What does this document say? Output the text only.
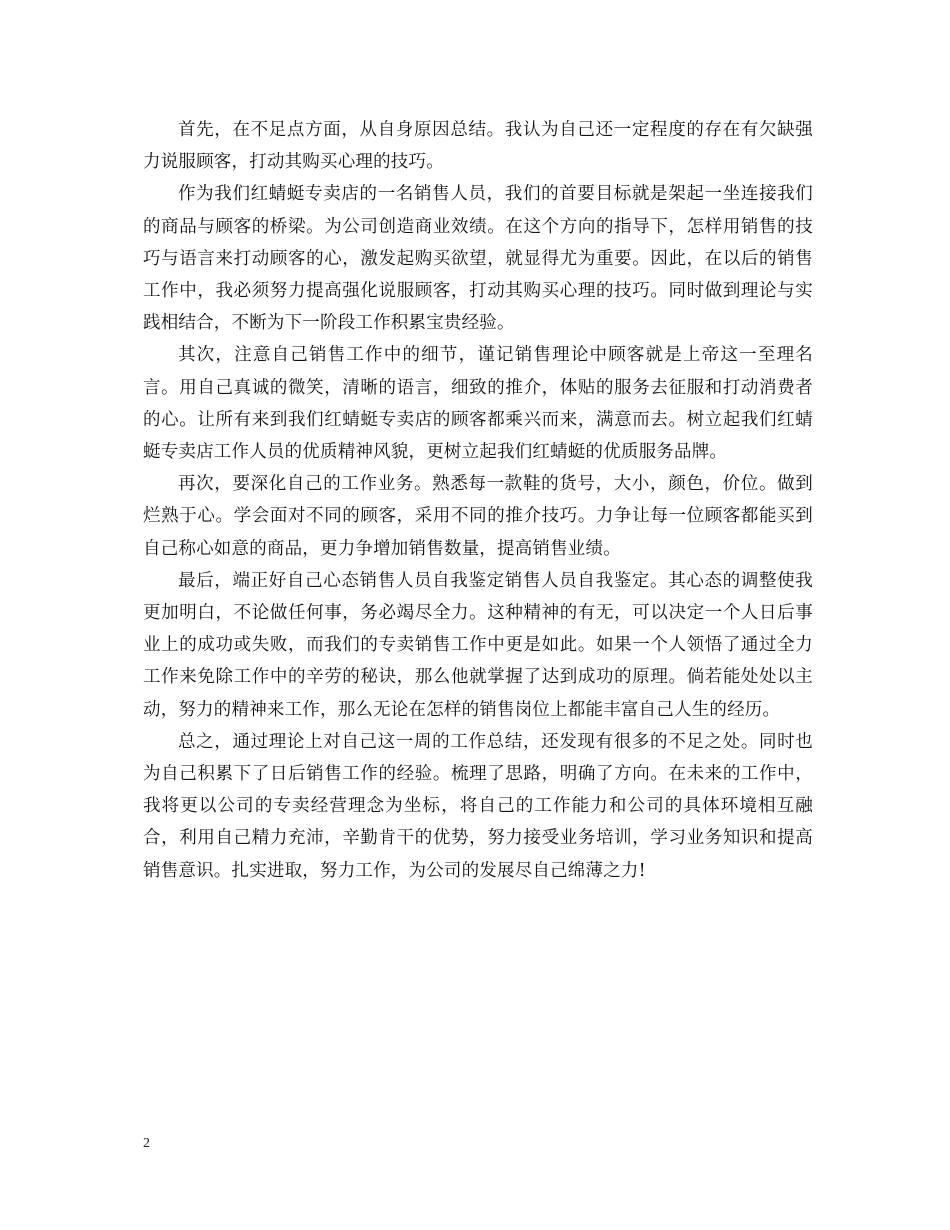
首先，在不足点方面，从自身原因总结。我认为自己还一定程度的存在有欠缺强力说服顾客，打动其购买心理的技巧。

作为我们红蜻蜓专卖店的一名销售人员，我们的首要目标就是架起一坐连接我们的商品与顾客的桥梁。为公司创造商业效绩。在这个方向的指导下，怎样用销售的技巧与语言来打动顾客的心，激发起购买欲望，就显得尤为重要。因此，在以后的销售工作中，我必须努力提高强化说服顾客，打动其购买心理的技巧。同时做到理论与实践相结合，不断为下一阶段工作积累宝贵经验。

其次，注意自己销售工作中的细节，谨记销售理论中顾客就是上帝这一至理名言。用自己真诚的微笑，清晰的语言，细致的推介，体贴的服务去征服和打动消费者的心。让所有来到我们红蜻蜓专卖店的顾客都乘兴而来，满意而去。树立起我们红蜻蜓专卖店工作人员的优质精神风貌，更树立起我们红蜻蜓的优质服务品牌。

再次，要深化自己的工作业务。熟悉每一款鞋的货号，大小，颜色，价位。做到烂熟于心。学会面对不同的顾客，采用不同的推介技巧。力争让每一位顾客都能买到自己称心如意的商品，更力争增加销售数量，提高销售业绩。

最后，端正好自己心态销售人员自我鉴定销售人员自我鉴定。其心态的调整使我更加明白，不论做任何事，务必竭尽全力。这种精神的有无，可以决定一个人日后事业上的成功或失败，而我们的专卖销售工作中更是如此。如果一个人领悟了通过全力工作来免除工作中的辛劳的秘诀，那么他就掌握了达到成功的原理。倘若能处处以主动，努力的精神来工作，那么无论在怎样的销售岗位上都能丰富自己人生的经历。

总之，通过理论上对自己这一周的工作总结，还发现有很多的不足之处。同时也为自己积累下了日后销售工作的经验。梳理了思路，明确了方向。在未来的工作中，我将更以公司的专卖经营理念为坐标，将自己的工作能力和公司的具体环境相互融合，利用自己精力充沛，辛勤肯干的优势，努力接受业务培训，学习业务知识和提高销售意识。扎实进取，努力工作，为公司的发展尽自己绵薄之力!

2
